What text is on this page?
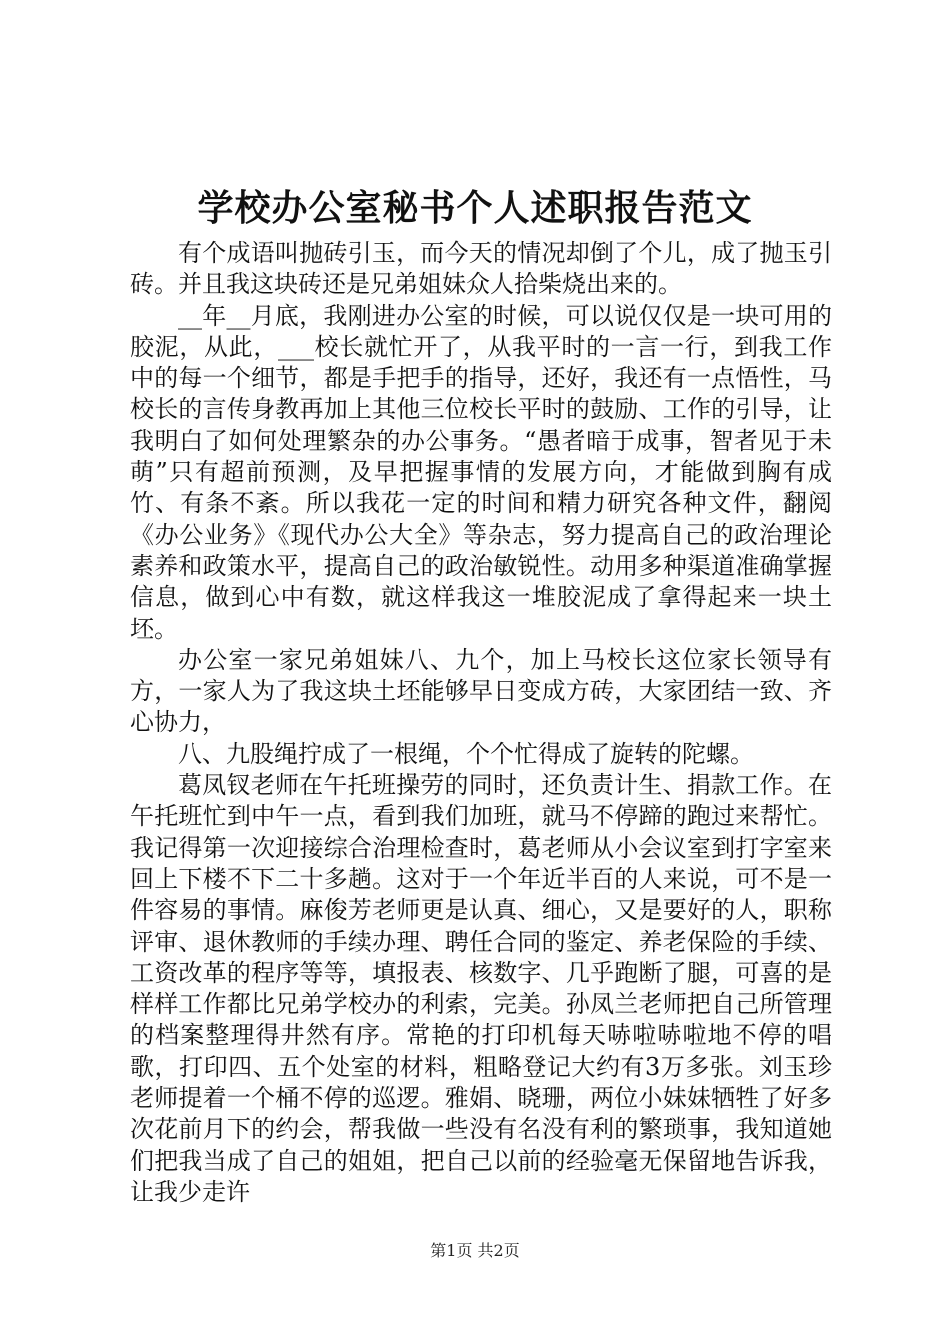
学校办公室秘书个人述职报告范文

有个成语叫抛砖引玉，而今天的情况却倒了个儿，成了抛玉引砖。并且我这块砖还是兄弟姐妹众人拾柴烧出来的。

__年__月底，我刚进办公室的时候，可以说仅仅是一块可用的胶泥，从此，___校长就忙开了，从我平时的一言一行，到我工作中的每一个细节，都是手把手的指导，还好，我还有一点悟性，马校长的言传身教再加上其他三位校长平时的鼓励、工作的引导，让我明白了如何处理繁杂的办公事务。“愚者暗于成事，智者见于未萌”只有超前预测，及早把握事情的发展方向，才能做到胸有成竹、有条不紊。所以我花一定的时间和精力研究各种文件，翻阅《办公业务》《现代办公大全》等杂志，努力提高自己的政治理论素养和政策水平，提高自己的政治敏锐性。动用多种渠道准确掌握信息，做到心中有数，就这样我这一堆胶泥成了拿得起来一块土坯。

办公室一家兄弟姐妹八、九个，加上马校长这位家长领导有方，一家人为了我这块土坯能够早日变成方砖，大家团结一致、齐心协力，

八、九股绳拧成了一根绳，个个忙得成了旋转的陀螺。

葛凤钗老师在午托班操劳的同时，还负责计生、捐款工作。在午托班忙到中午一点，看到我们加班，就马不停蹄的跑过来帮忙。我记得第一次迎接综合治理检查时，葛老师从小会议室到打字室来回上下楼不下二十多趟。这对于一个年近半百的人来说，可不是一件容易的事情。麻俊芳老师更是认真、细心，又是要好的人，职称评审、退休教师的手续办理、聘任合同的鉴定、养老保险的手续、工资改革的程序等等，填报表、核数字、几乎跑断了腿，可喜的是样样工作都比兄弟学校办的利索，完美。孙凤兰老师把自己所管理的档案整理得井然有序。常艳的打印机每天哧啦哧啦地不停的唱歌，打印四、五个处室的材料，粗略登记大约有3万多张。刘玉珍老师提着一个桶不停的巡逻。雅娟、晓珊，两位小妹妹牺牲了好多次花前月下的约会，帮我做一些没有名没有利的繁琐事，我知道她们把我当成了自己的姐姐，把自己以前的经验毫无保留地告诉我，让我少走许

第1页 共2页
